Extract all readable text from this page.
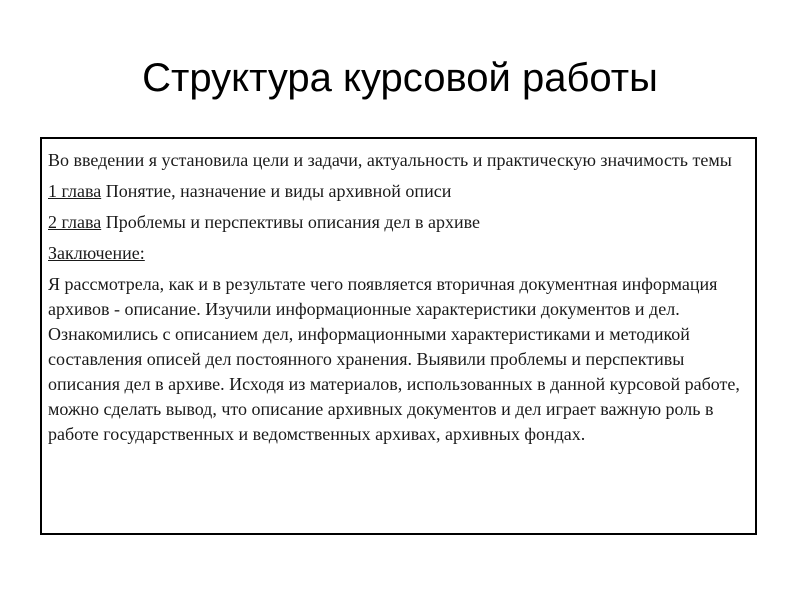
Структура курсовой работы

Во введении я установила цели и задачи, актуальность и практическую значимость темы

1 глава Понятие, назначение и виды архивной описи

2 глава Проблемы и перспективы описания дел в архиве

Заключение:

Я рассмотрела, как и в результате чего появляется вторичная документная информация архивов - описание. Изучили информационные характеристики документов и дел. Ознакомились с описанием дел, информационными характеристиками и методикой составления описей дел постоянного хранения. Выявили проблемы и перспективы описания дел в архиве. Исходя из материалов, использованных в данной курсовой работе, можно сделать вывод, что описание архивных документов и дел играет важную роль в работе государственных и ведомственных архивах, архивных фондах.
